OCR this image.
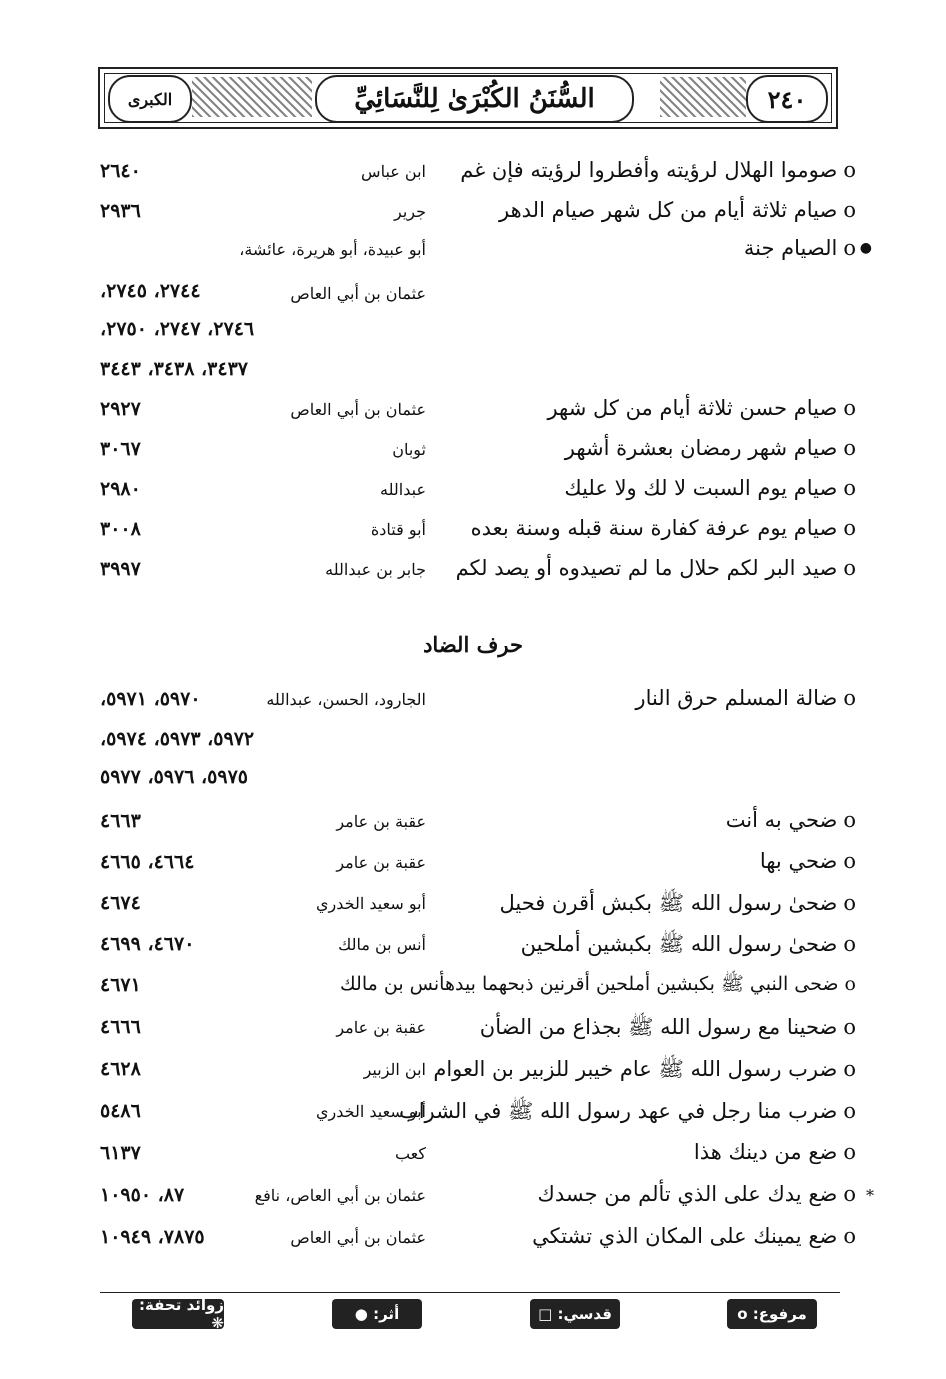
الكبرى	السُّنَنُ الكُبْرَىٰ لِلنَّسَائِيِّ	٢٤٠
oصوموا الهلال لرؤيته وأفطروا لرؤيته فإن غم
ابن عباس
٢٦٤٠
oصيام ثلاثة أيام من كل شهر صيام الدهر
جرير
٢٩٣٦
●
oالصيام جنة
أبو عبيدة، أبو هريرة، عائشة،
عثمان بن أبي العاص
٢٧٤٤، ٢٧٤٥،
٢٧٤٦، ٢٧٤٧، ٢٧٥٠،
٣٤٣٧، ٣٤٣٨، ٣٤٤٣
oصيام حسن ثلاثة أيام من كل شهر
عثمان بن أبي العاص
٢٩٢٧
oصيام شهر رمضان بعشرة أشهر
ثوبان
٣٠٦٧
oصيام يوم السبت لا لك ولا عليك
عبدالله
٢٩٨٠
oصيام يوم عرفة كفارة سنة قبله وسنة بعده
أبو قتادة
٣٠٠٨
oصيد البر لكم حلال ما لم تصيدوه أو يصد لكم
جابر بن عبدالله
٣٩٩٧
حرف الضاد
oضالة المسلم حرق النار
الجارود، الحسن، عبدالله
٥٩٧٠، ٥٩٧١،
٥٩٧٢، ٥٩٧٣، ٥٩٧٤،
٥٩٧٥، ٥٩٧٦، ٥٩٧٧
oضحي به أنت
عقبة بن عامر
٤٦٦٣
oضحي بها
عقبة بن عامر
٤٦٦٤، ٤٦٦٥
oضحىٰ رسول الله ﷺ بكبش أقرن فحيل
أبو سعيد الخدري
٤٦٧٤
oضحىٰ رسول الله ﷺ بكبشين أملحين
أنس بن مالك
٤٦٧٠، ٤٦٩٩
oضحى النبي ﷺ بكبشين أملحين أقرنين ذبحهما بيدهأنس بن مالك
٤٦٧١
oضحينا مع رسول الله ﷺ بجذاع من الضأن
عقبة بن عامر
٤٦٦٦
oضرب رسول الله ﷺ عام خيبر للزبير بن العوام
ابن الزبير
٤٦٢٨
oضرب منا رجل في عهد رسول الله ﷺ في الشراب
أبو سعيد الخدري
٥٤٨٦
oضع من دينك هذا
كعب
٦١٣٧
*
oضع يدك على الذي تألم من جسدك
عثمان بن أبي العاص، نافع
٨٧، ١٠٩٥٠
oضع يمينك على المكان الذي تشتكي
عثمان بن أبي العاص
٧٨٧٥، ١٠٩٤٩
مرفوع: o
قدسي: □
أثر: ●
زوائد تحفة: ❋
